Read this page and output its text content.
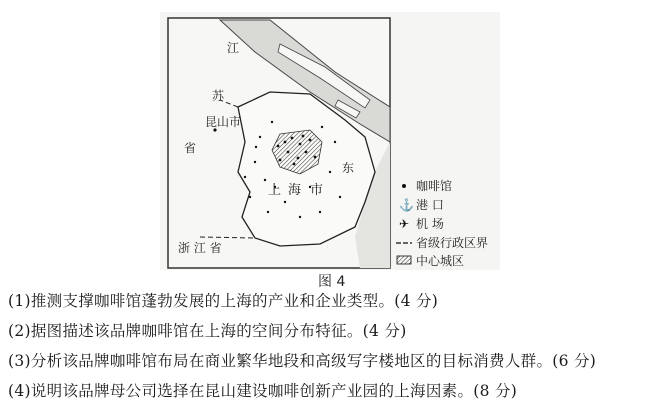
江
苏
省
昆山市
上 海 市
浙 江 省
东
咖啡馆
⚓ 港 口
✈ 机 场
省级行政区界
中心城区
图 4
(1)推测支撑咖啡馆蓬勃发展的上海的产业和企业类型。(4 分)
(2)据图描述该品牌咖啡馆在上海的空间分布特征。(4 分)
(3)分析该品牌咖啡馆布局在商业繁华地段和高级写字楼地区的目标消费人群。(6 分)
(4)说明该品牌母公司选择在昆山建设咖啡创新产业园的上海因素。(8 分)
